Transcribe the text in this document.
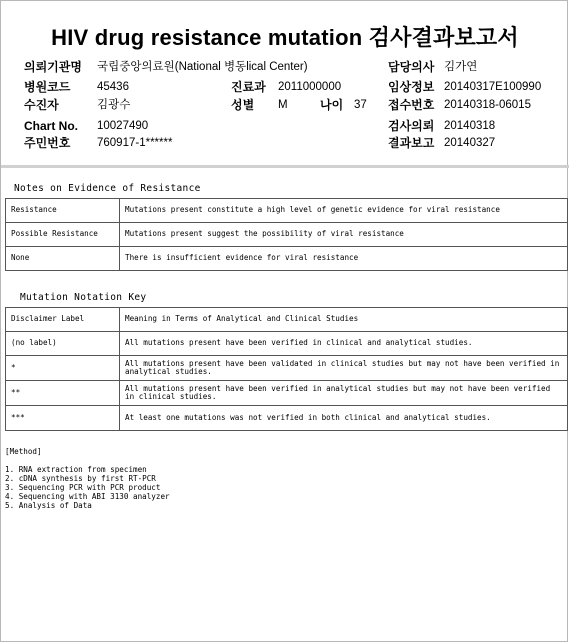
HIV drug resistance mutation 검사결과보고서
의뢰기관명 국립중앙의료원(National 병동lical Center)	담당의사 김가연
병원코드 45436	진료과 2011000000	임상정보 20140317E100990
수진자	김광수	성별 M	나이 37 접수번호 20140318-06015
Chart No. 10027490	검사의뢰 20140318
주민번호 760917-1******	결과보고 20140327
Notes on Evidence of Resistance
Resistance	Mutations present constitute a high level of genetic evidence for viral resistance
Possible Resistance	Mutations present suggest the possibility of viral resistance
None	There is insufficient evidence for viral resistance
Mutation Notation Key
Disclaimer Label	Meaning in Terms of Analytical and Clinical Studies
(no label)	All mutations present have been verified in clinical and analytical studies.
*	All mutations present have been validated in clinical studies but may not have been verified in analytical studies.
**	All mutations present have been verified in analytical studies but may not have been verified in clinical studies.
***	At least one mutations was not verified in both clinical and analytical studies.
[Method]
1. RNA extraction from specimen
2. cDNA synthesis by first RT-PCR
3. Sequencing PCR with PCR product
4. Sequencing with ABI 3130 analyzer
5. Analysis of Data
